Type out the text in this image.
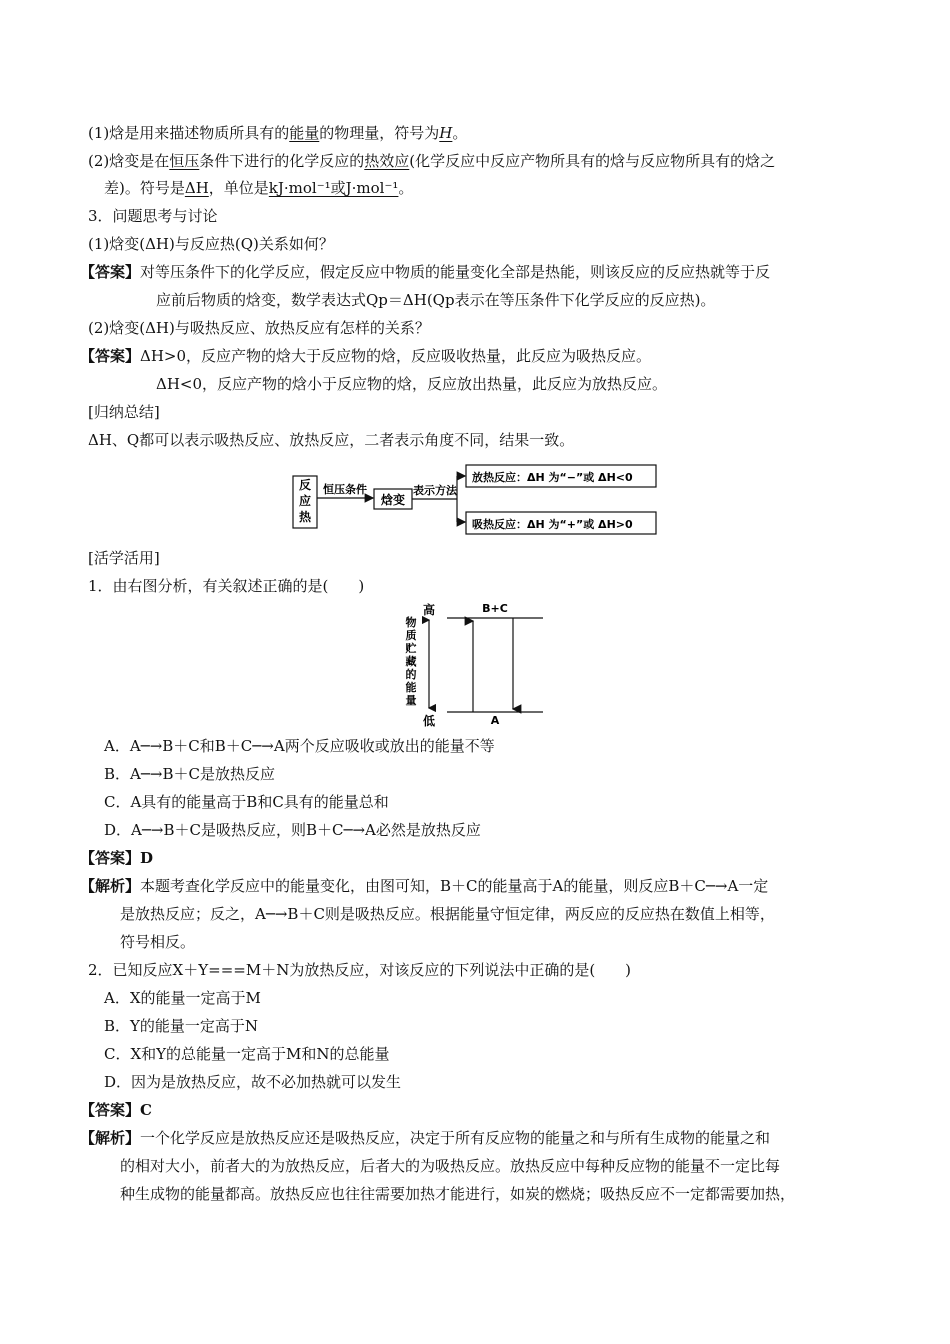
(1)焓是用来描述物质所具有的能量的物理量，符号为H。
(2)焓变是在恒压条件下进行的化学反应的热效应(化学反应中反应产物所具有的焓与反应物所具有的焓之
差)。符号是ΔH，单位是kJ·mol⁻¹或J·mol⁻¹。
3．问题思考与讨论
(1)焓变(ΔH)与反应热(Q)关系如何？
【答案】对等压条件下的化学反应，假定反应中物质的能量变化全部是热能，则该反应的反应热就等于反
应前后物质的焓变，数学表达式Qp＝ΔH(Qp表示在等压条件下化学反应的反应热)。
(2)焓变(ΔH)与吸热反应、放热反应有怎样的关系？
【答案】ΔH>0，反应产物的焓大于反应物的焓，反应吸收热量，此反应为吸热反应。
ΔH<0，反应产物的焓小于反应物的焓，反应放出热量，此反应为放热反应。
[归纳总结]
ΔH、Q都可以表示吸热反应、放热反应，二者表示角度不同，结果一致。
反
应
热
恒压条件
焓变
表示方法
放热反应：ΔH 为“−”或 ΔH<0
吸热反应：ΔH 为“+”或 ΔH>0
[活学活用]
1．由右图分析，有关叙述正确的是(　　)
高
低
物
质
贮
藏
的
能
量
B+C
A
A．A─→B＋C和B＋C─→A两个反应吸收或放出的能量不等
B．A─→B＋C是放热反应
C．A具有的能量高于B和C具有的能量总和
D．A─→B＋C是吸热反应，则B＋C─→A必然是放热反应
【答案】D
【解析】本题考查化学反应中的能量变化，由图可知，B＋C的能量高于A的能量，则反应B＋C─→A一定
是放热反应；反之，A─→B＋C则是吸热反应。根据能量守恒定律，两反应的反应热在数值上相等，
符号相反。
2．已知反应X＋Y===M＋N为放热反应，对该反应的下列说法中正确的是(　　)
A．X的能量一定高于M
B．Y的能量一定高于N
C．X和Y的总能量一定高于M和N的总能量
D．因为是放热反应，故不必加热就可以发生
【答案】C
【解析】一个化学反应是放热反应还是吸热反应，决定于所有反应物的能量之和与所有生成物的能量之和
的相对大小，前者大的为放热反应，后者大的为吸热反应。放热反应中每种反应物的能量不一定比每
种生成物的能量都高。放热反应也往往需要加热才能进行，如炭的燃烧；吸热反应不一定都需要加热，
